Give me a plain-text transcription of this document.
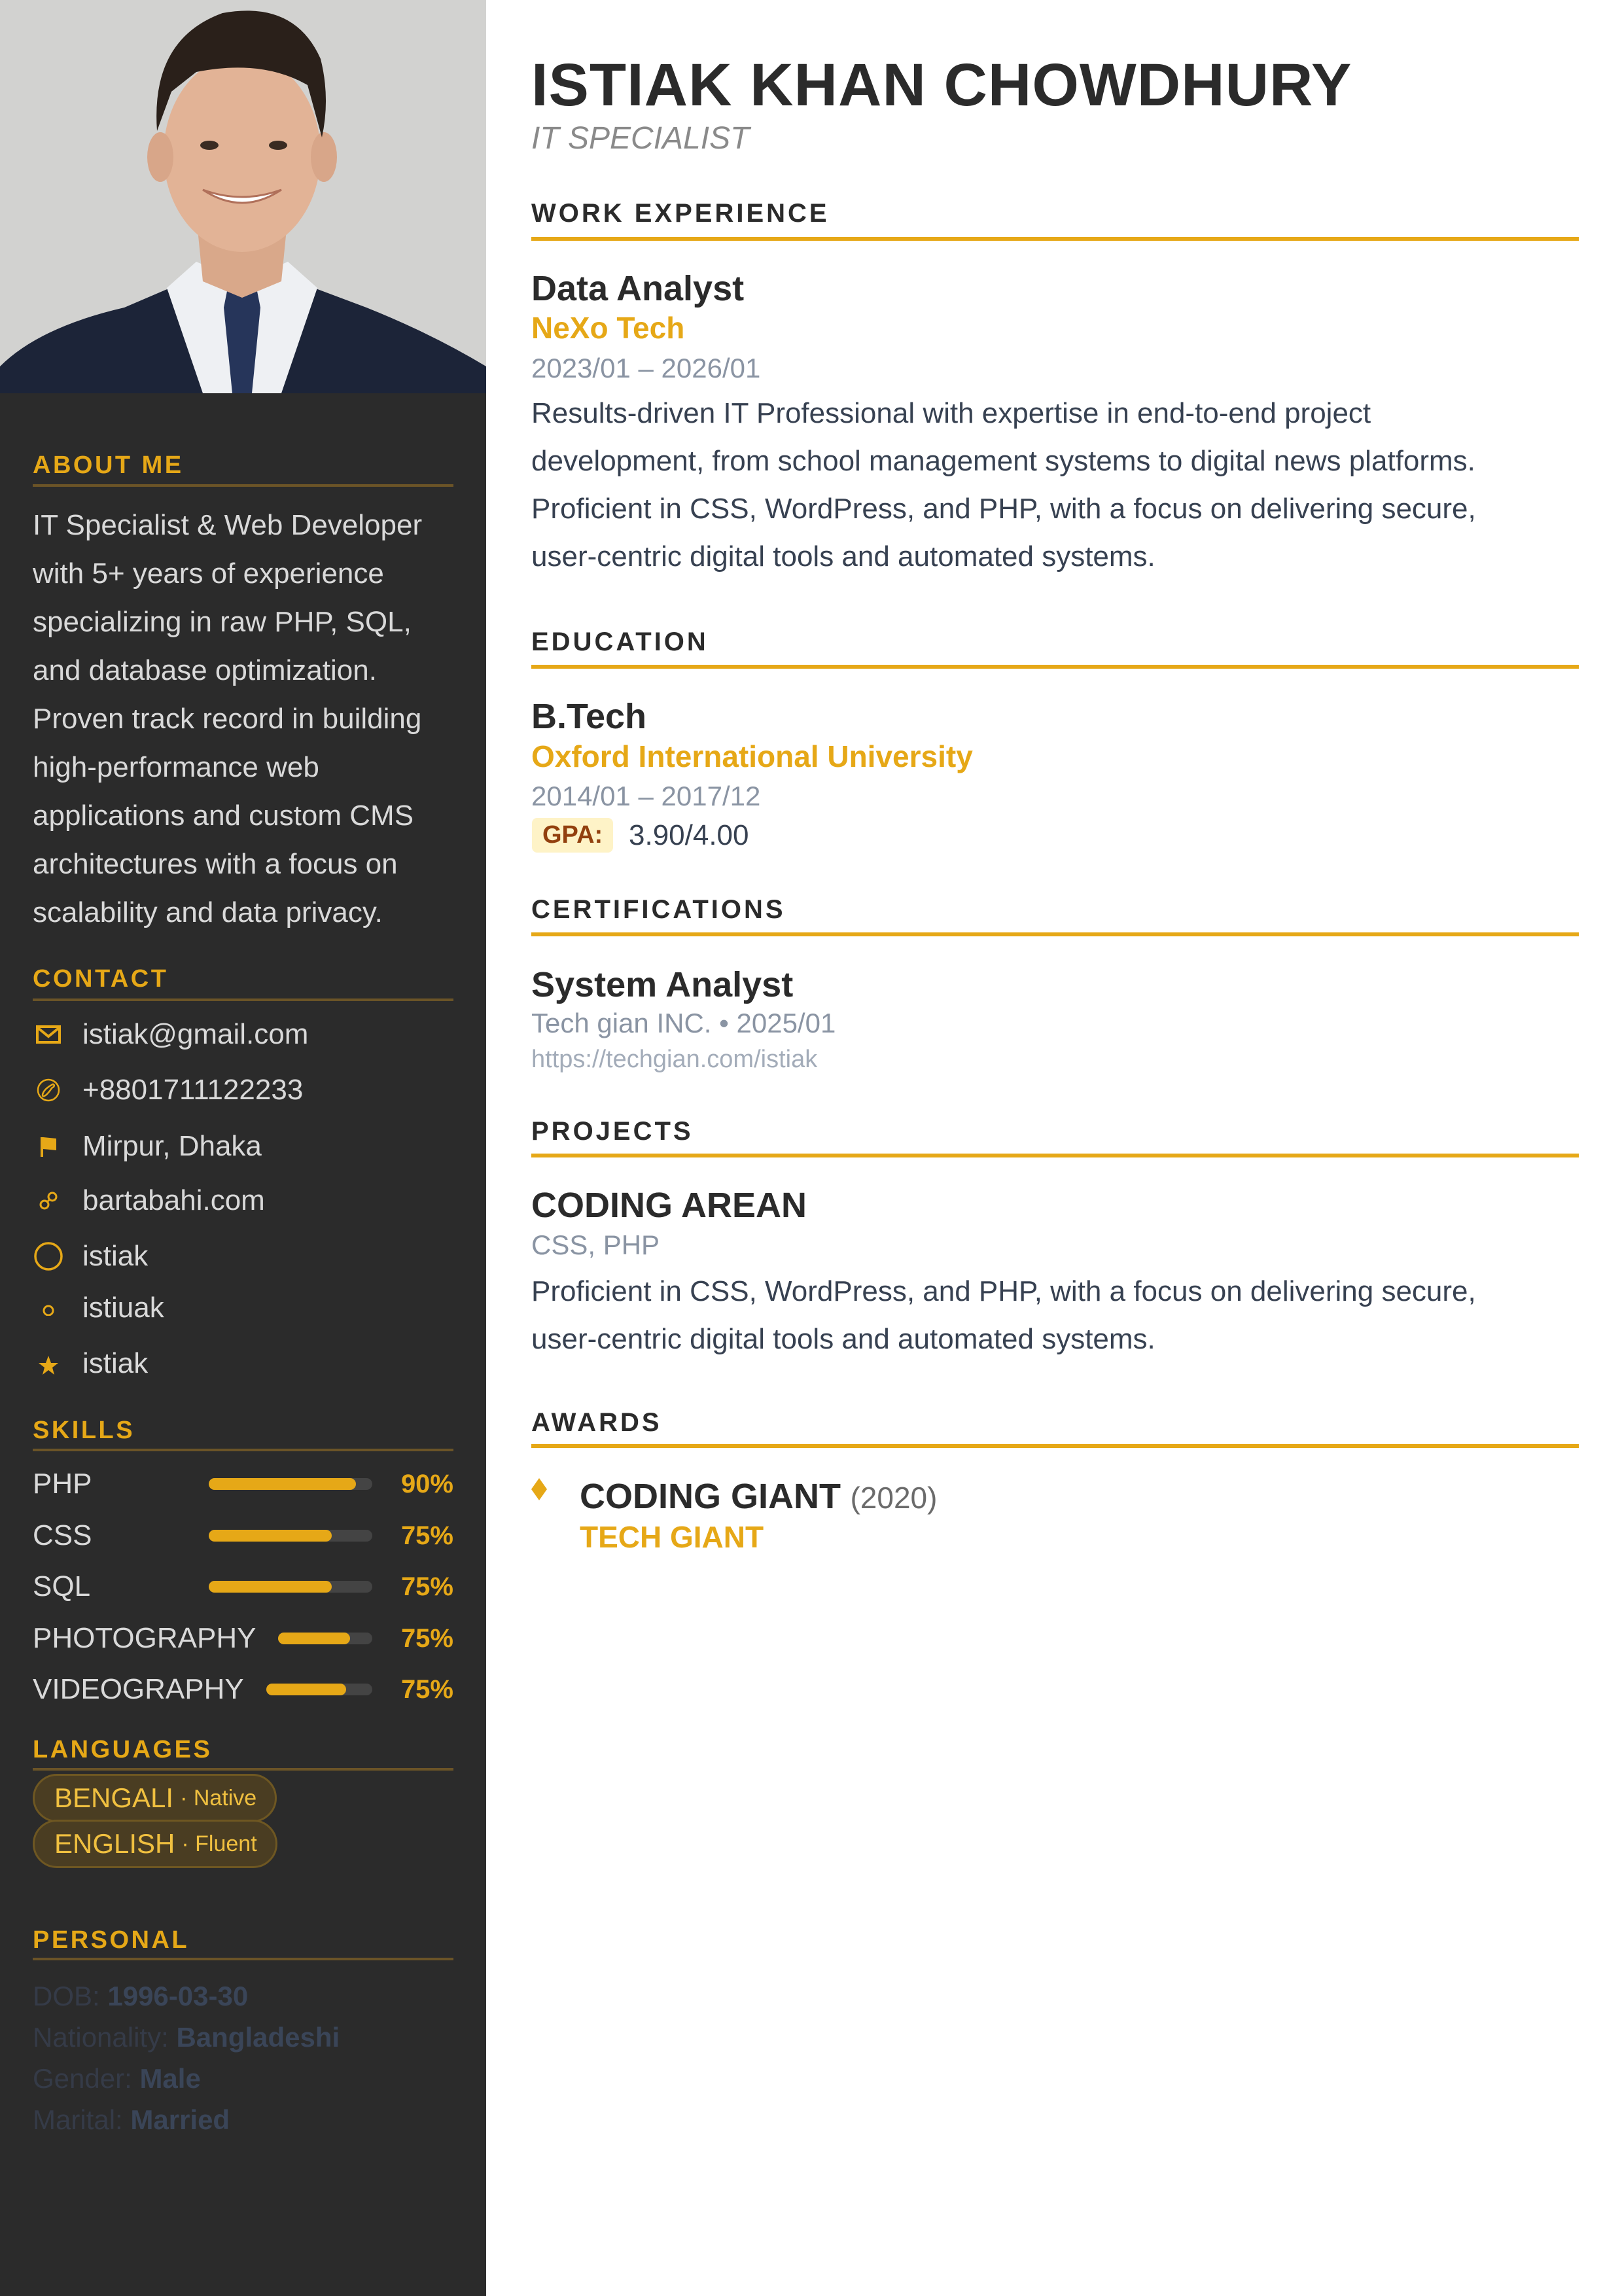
ABOUT ME
IT Specialist & Web Developer with 5+ years of experience specializing in raw PHP, SQL, and database optimization. Proven track record in building high-performance web applications and custom CMS architectures with a focus on scalability and data privacy.
CONTACT
istiak@gmail.com
+8801711122233
Mirpur, Dhaka
bartabahi.com
istiak
istiuak
istiak
SKILLS
PHP	90%
CSS	75%
SQL	75%
PHOTOGRAPHY	75%
VIDEOGRAPHY	75%
LANGUAGES
BENGALI · Native
ENGLISH · Fluent
PERSONAL
DOB: 1996-03-30
Nationality: Bangladeshi
Gender: Male
Marital: Married
ISTIAK KHAN CHOWDHURY
IT SPECIALIST
WORK EXPERIENCE
Data Analyst
NeXo Tech
2023/01 – 2026/01
Results-driven IT Professional with expertise in end-to-end project
development, from school management systems to digital news platforms.
Proficient in CSS, WordPress, and PHP, with a focus on delivering secure,
user-centric digital tools and automated systems.
EDUCATION
B.Tech
Oxford International University
2014/01 – 2017/12
GPA: 3.90/4.00
CERTIFICATIONS
System Analyst
Tech gian INC. • 2025/01
https://techgian.com/istiak
PROJECTS
CODING AREAN
CSS, PHP
Proficient in CSS, WordPress, and PHP, with a focus on delivering secure,
user-centric digital tools and automated systems.
AWARDS
CODING GIANT (2020)
TECH GIANT
